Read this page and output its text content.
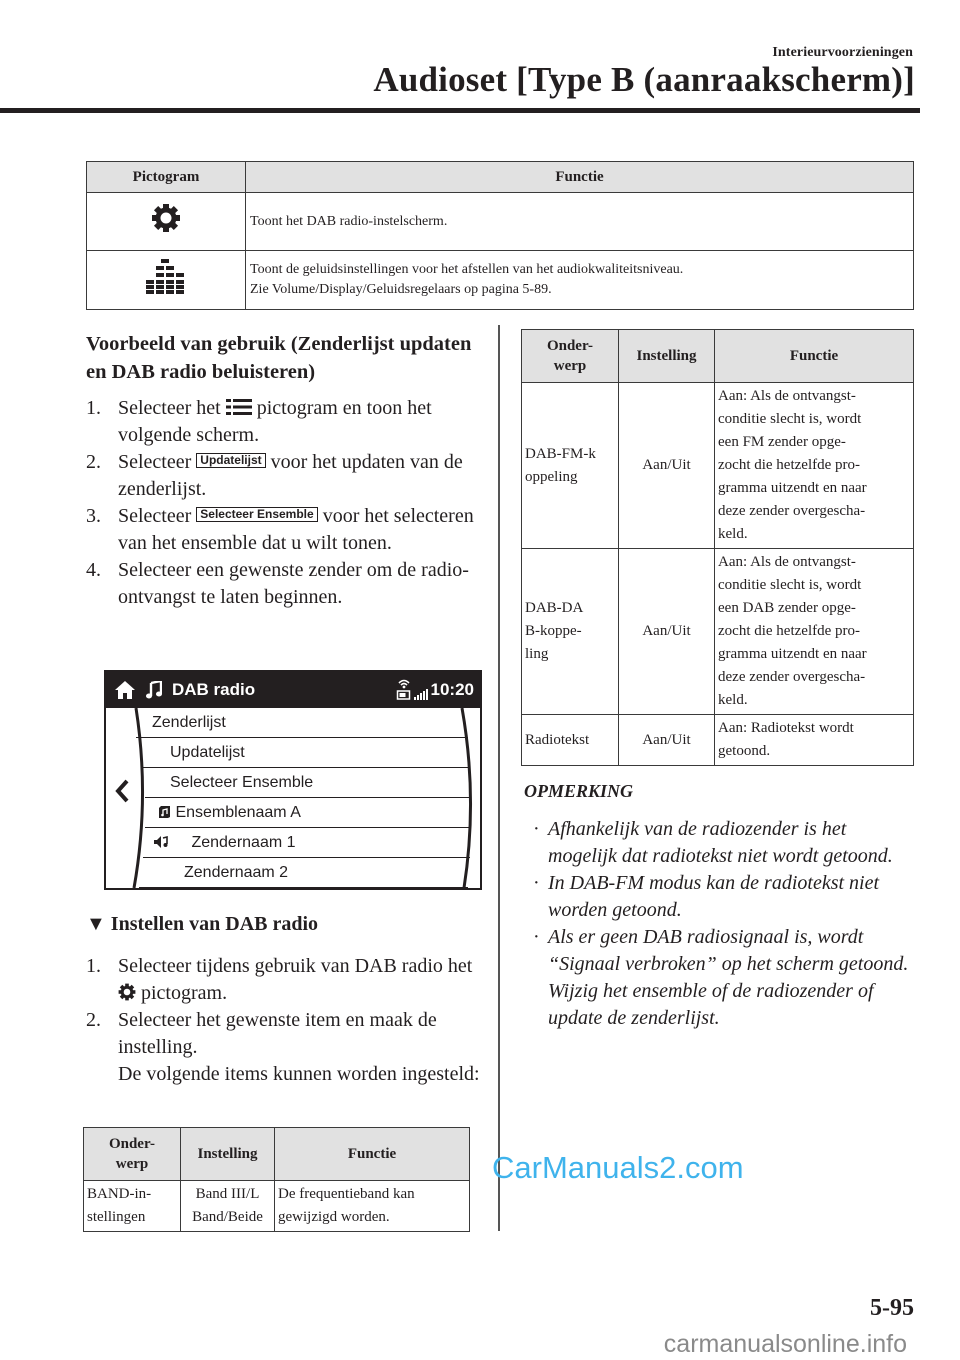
Interieurvoorzieningen
Audioset [Type B (aanraakscherm)]
Pictogram	Functie
	Toont het DAB radio-instelscherm.

Toont de geluidsinstellingen voor het afstellen van het audiokwaliteitsniveau.
Zie Volume/Display/Geluidsregelaars op pagina 5-89.
Voorbeeld van gebruik (Zenderlijst updaten en DAB radio beluisteren)
1. Selecteer het pictogram en toon het volgende scherm.
2. Selecteer Updatelijst voor het updaten van de zenderlijst.
3. Selecteer Selecteer Ensemble voor het selecteren van het ensemble dat u wilt tonen.
4. Selecteer een gewenste zender om de radio-ontvangst te laten beginnen.
DAB radio	10:20
Zenderlijst
Updatelijst
Selecteer Ensemble
Ensemblenaam A
Zendernaam 1
Zendernaam 2
▼ Instellen van DAB radio
1. Selecteer tijdens gebruik van DAB radio het  pictogram.
2. Selecteer het gewenste item en maak de instelling.
De volgende items kunnen worden ingesteld:
Onder-
werp	Instelling	Functie
BAND-in-
stellingen	Band III/L
Band/Beide	De frequentieband kan gewijzigd worden.
Onder-
werp	Instelling	Functie
DAB-FM-k
oppeling	Aan/Uit	Aan: Als de ontvangst-
conditie slecht is, wordt
een FM zender opge-
zocht die hetzelfde pro-
gramma uitzendt en naar
deze zender overgescha-
keld.
DAB-DA
B-koppe-
ling	Aan/Uit	Aan: Als de ontvangst-
conditie slecht is, wordt
een DAB zender opge-
zocht die hetzelfde pro-
gramma uitzendt en naar
deze zender overgescha-
keld.
Radiotekst	Aan/Uit	Aan: Radiotekst wordt
getoond.
OPMERKING
· Afhankelijk van de radiozender is het mogelijk dat radiotekst niet wordt getoond.
· In DAB-FM modus kan de radiotekst niet worden getoond.
· Als er geen DAB radiosignaal is, wordt “Signaal verbroken” op het scherm getoond. Wijzig het ensemble of de radiozender of update de zenderlijst.
CarManuals2.com
5-95
carmanualsonline.info
